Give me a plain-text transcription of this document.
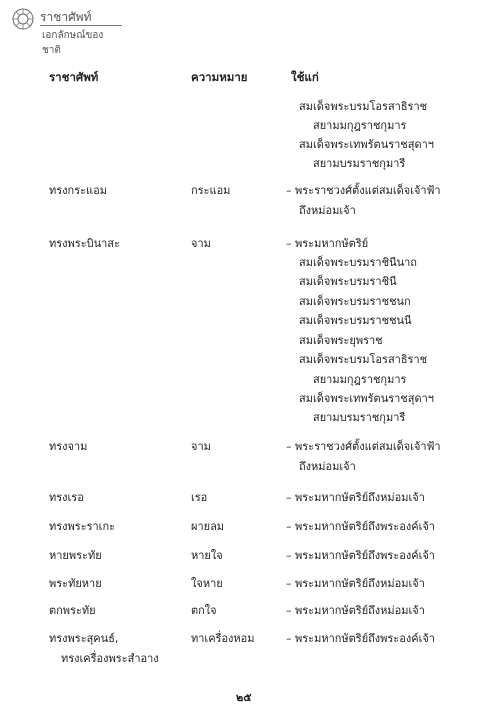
ราชาศัพท์
เอกลักษณ์ของชาติ
ราชาศัพท์	ความหมาย	ใช้แก่
สมเด็จพระบรมโอรสาธิราช
สยามมกุฎราชกุมาร
สมเด็จพระเทพรัตนราชสุดาฯ
สยามบรมราชกุมารี
ทรงกระแอม	กระแอม	– พระราชวงศ์ตั้งแต่สมเด็จเจ้าฟ้า
ถึงหม่อมเจ้า
ทรงพระบินาสะ	จาม	– พระมหากษัตริย์
สมเด็จพระบรมราชินีนาถ
สมเด็จพระบรมราชินี
สมเด็จพระบรมราชชนก
สมเด็จพระบรมราชชนนี
สมเด็จพระยุพราช
สมเด็จพระบรมโอรสาธิราช
สยามมกุฎราชกุมาร
สมเด็จพระเทพรัตนราชสุดาฯ
สยามบรมราชกุมารี
ทรงจาม	จาม	– พระราชวงศ์ตั้งแต่สมเด็จเจ้าฟ้า
ถึงหม่อมเจ้า
ทรงเรอ	เรอ	– พระมหากษัตริย์ถึงหม่อมเจ้า
ทรงพระราเกะ	ผายลม	– พระมหากษัตริย์ถึงพระองค์เจ้า
หายพระทัย	หายใจ	– พระมหากษัตริย์ถึงพระองค์เจ้า
พระทัยหาย	ใจหาย	– พระมหากษัตริย์ถึงหม่อมเจ้า
ตกพระทัย	ตกใจ	– พระมหากษัตริย์ถึงหม่อมเจ้า
ทรงพระสุคนธ์,
ทรงเครื่องพระสำอาง
ทาเครื่องหอม	– พระมหากษัตริย์ถึงพระองค์เจ้า
๒๕
